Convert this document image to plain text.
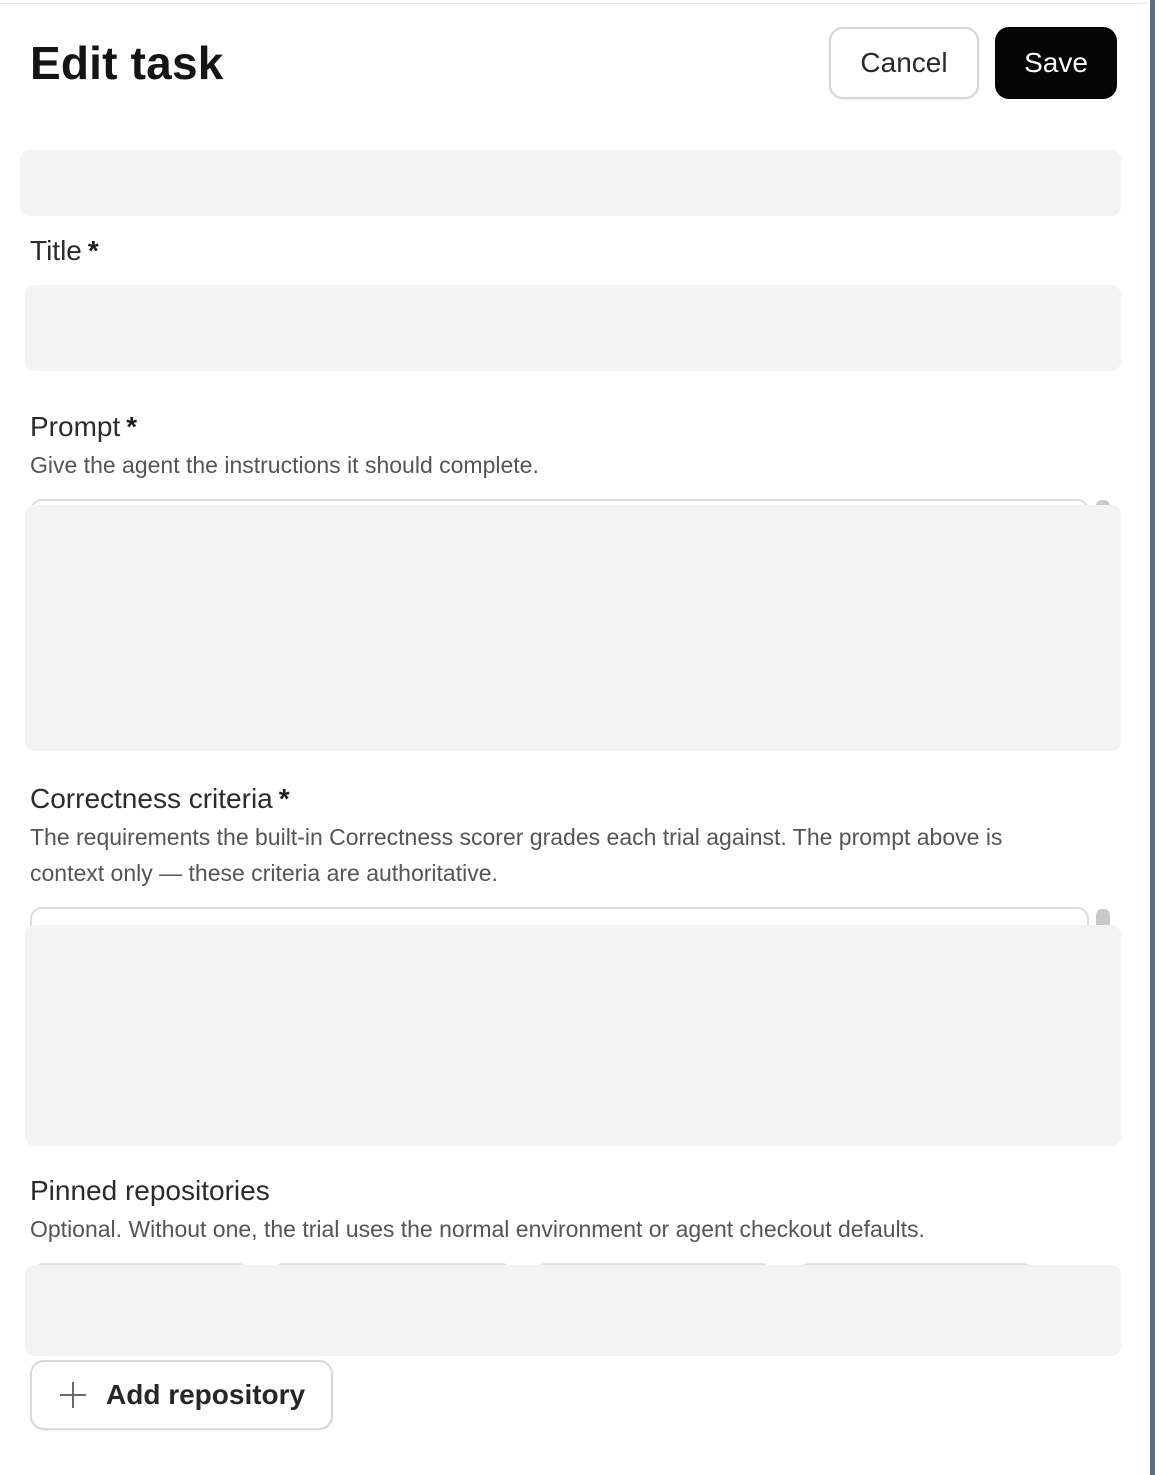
Edit task	Cancel	Save

Title *

Prompt *

Give the agent the instructions it should complete.

Correctness criteria *

The requirements the built-in Correctness scorer grades each trial against. The prompt above is

context only — these criteria are authoritative.

Pinned repositories

Optional. Without one, the trial uses the normal environment or agent checkout defaults.

Add repository
